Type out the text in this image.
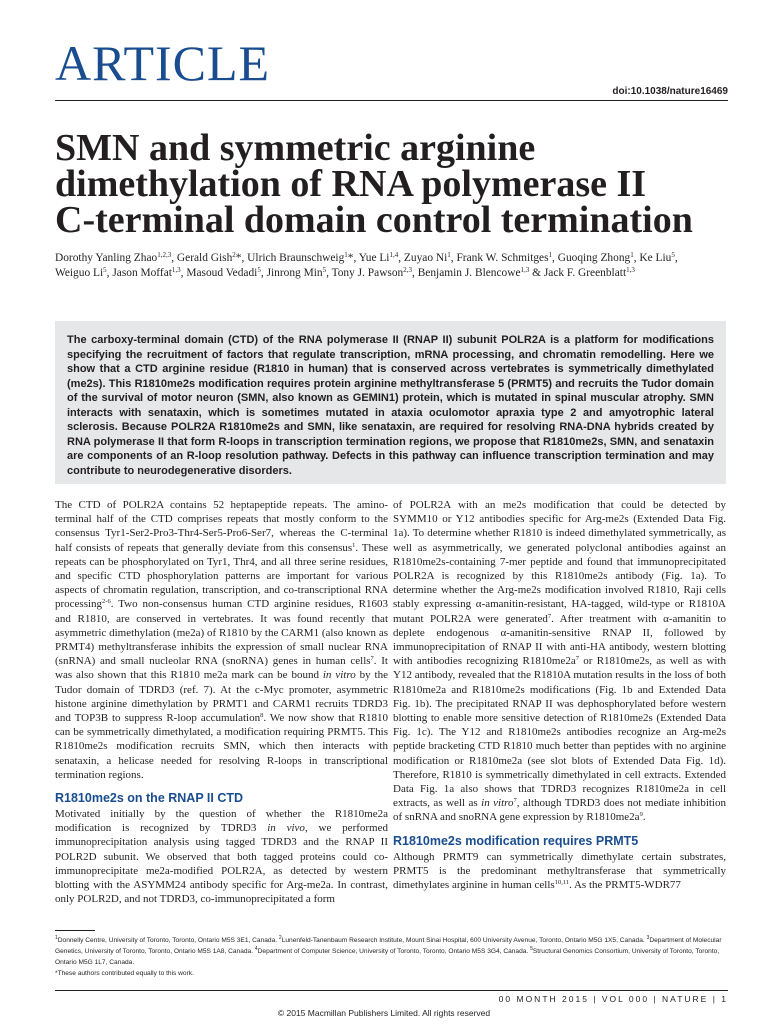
ARTICLE
doi:10.1038/nature16469
SMN and symmetric arginine
dimethylation of RNA polymerase II
C-terminal domain control termination
Dorothy Yanling Zhao$^{1,2,3}$, Gerald Gish$^2$*, Ulrich Braunschweig$^1$*, Yue Li$^{1,4}$, Zuyao Ni$^1$, Frank W. Schmitges$^1$, Guoqing Zhong$^1$, Ke Liu$^5$, Weiguo Li$^5$, Jason Moffat$^{1,3}$, Masoud Vedadi$^5$, Jinrong Min$^5$, Tony J. Pawson$^{2,3}$, Benjamin J. Blencowe$^{1,3}$ & Jack F. Greenblatt$^{1,3}$

The carboxy-terminal domain (CTD) of the RNA polymerase II (RNAP II) subunit POLR2A is a platform for modifications specifying the recruitment of factors that regulate transcription, mRNA processing, and chromatin remodelling. Here we show that a CTD arginine residue (R1810 in human) that is conserved across vertebrates is symmetrically dimethylated (me2s). This R1810me2s modification requires protein arginine methyltransferase 5 (PRMT5) and recruits the Tudor domain of the survival of motor neuron (SMN, also known as GEMIN1) protein, which is mutated in spinal muscular atrophy. SMN interacts with senataxin, which is sometimes mutated in ataxia oculomotor apraxia type 2 and amyotrophic lateral sclerosis. Because POLR2A R1810me2s and SMN, like senataxin, are required for resolving RNA-DNA hybrids created by RNA polymerase II that form R-loops in transcription termination regions, we propose that R1810me2s, SMN, and senataxin are components of an R-loop resolution pathway. Defects in this pathway can influence transcription termination and may contribute to neurodegenerative disorders.

The CTD of POLR2A contains 52 heptapeptide repeats. The amino-terminal half of the CTD comprises repeats that mostly conform to the consensus Tyr1-Ser2-Pro3-Thr4-Ser5-Pro6-Ser7, whereas the C-terminal half consists of repeats that generally deviate from this consensus$^1$. These repeats can be phosphorylated on Tyr1, Thr4, and all three serine residues, and specific CTD phosphorylation patterns are important for various aspects of chromatin regulation, transcription, and co-transcriptional RNA processing$^{2-6}$. Two non-consensus human CTD arginine residues, R1603 and R1810, are conserved in vertebrates. It was found recently that asymmetric dimethylation (me2a) of R1810 by the CARM1 (also known as PRMT4) methyltransferase inhibits the expression of small nuclear RNA (snRNA) and small nucleolar RNA (snoRNA) genes in human cells$^7$. It was also shown that this R1810 me2a mark can be bound in vitro by the Tudor domain of TDRD3 (ref. 7). At the c-Myc promoter, asymmetric histone arginine dimethylation by PRMT1 and CARM1 recruits TDRD3 and TOP3B to suppress R-loop accumulation$^8$. We now show that R1810 can be symmetrically dimethylated, a modification requiring PRMT5. This R1810me2s modification recruits SMN, which then interacts with senataxin, a helicase needed for resolving R-loops in transcriptional termination regions.

R1810me2s on the RNAP II CTD

Motivated initially by the question of whether the R1810me2a modification is recognized by TDRD3 in vivo, we performed immunoprecipitation analysis using tagged TDRD3 and the RNAP II POLR2D subunit. We observed that both tagged proteins could co-immunoprecipitate me2a-modified POLR2A, as detected by western blotting with the ASYMM24 antibody specific for Arg-me2a. In contrast, only POLR2D, and not TDRD3, co-immunoprecipitated a form

of POLR2A with an me2s modification that could be detected by SYMM10 or Y12 antibodies specific for Arg-me2s (Extended Data Fig. 1a). To determine whether R1810 is indeed dimethylated symmetrically, as well as asymmetrically, we generated polyclonal antibodies against an R1810me2s-containing 7-mer peptide and found that immunoprecipitated POLR2A is recognized by this R1810me2s antibody (Fig. 1a). To determine whether the Arg-me2s modification involved R1810, Raji cells stably expressing α-amanitin-resistant, HA-tagged, wild-type or R1810A mutant POLR2A were generated$^7$. After treatment with α-amanitin to deplete endogenous α-amanitin-sensitive RNAP II, followed by immunoprecipitation of RNAP II with anti-HA antibody, western blotting with antibodies recognizing $R1810me2a^7$ or R1810me2s, as well as with Y12 antibody, revealed that the R1810A mutation results in the loss of both R1810me2a and R1810me2s modifications (Fig. 1b and Extended Data Fig. 1b). The precipitated RNAP II was dephosphorylated before western blotting to enable more sensitive detection of R1810me2s (Extended Data Fig. 1c). The Y12 and R1810me2s antibodies recognize an Arg-me2s peptide bracketing CTD R1810 much better than peptides with no arginine modification or R1810me2a (see slot blots of Extended Data Fig. 1d). Therefore, R1810 is symmetrically dimethylated in cell extracts. Extended Data Fig. 1a also shows that TDRD3 recognizes R1810me2a in cell extracts, as well as in vitro$^7$, although TDRD3 does not mediate inhibition of snRNA and snoRNA gene expression by $R1810me2a^9$.

R1810me2s modification requires PRMT5

Although PRMT9 can symmetrically dimethylate certain substrates, PRMT5 is the predominant methyltransferase that symmetrically dimethylates arginine in human cells$^{10,11}$. As the PRMT5-WDR77

$^1$Donnelly Centre, University of Toronto, Toronto, Ontario M5S 3E1, Canada. $^2$Lunenfeld-Tanenbaum Research Institute, Mount Sinai Hospital, 600 University Avenue, Toronto, Ontario M5G 1X5, Canada. $^3$Department of Molecular Genetics, University of Toronto, Toronto, Ontario M5S 1A8, Canada. $^4$Department of Computer Science, University of Toronto, Toronto, Ontario M5S 3G4, Canada. $^5$Structural Genomics Consortium, University of Toronto, Toronto, Ontario M5G 1L7, Canada.

*These authors contributed equally to this work.

00 MONTH 2015 | VOL 000 | NATURE | 1
© 2015 Macmillan Publishers Limited. All rights reserved
